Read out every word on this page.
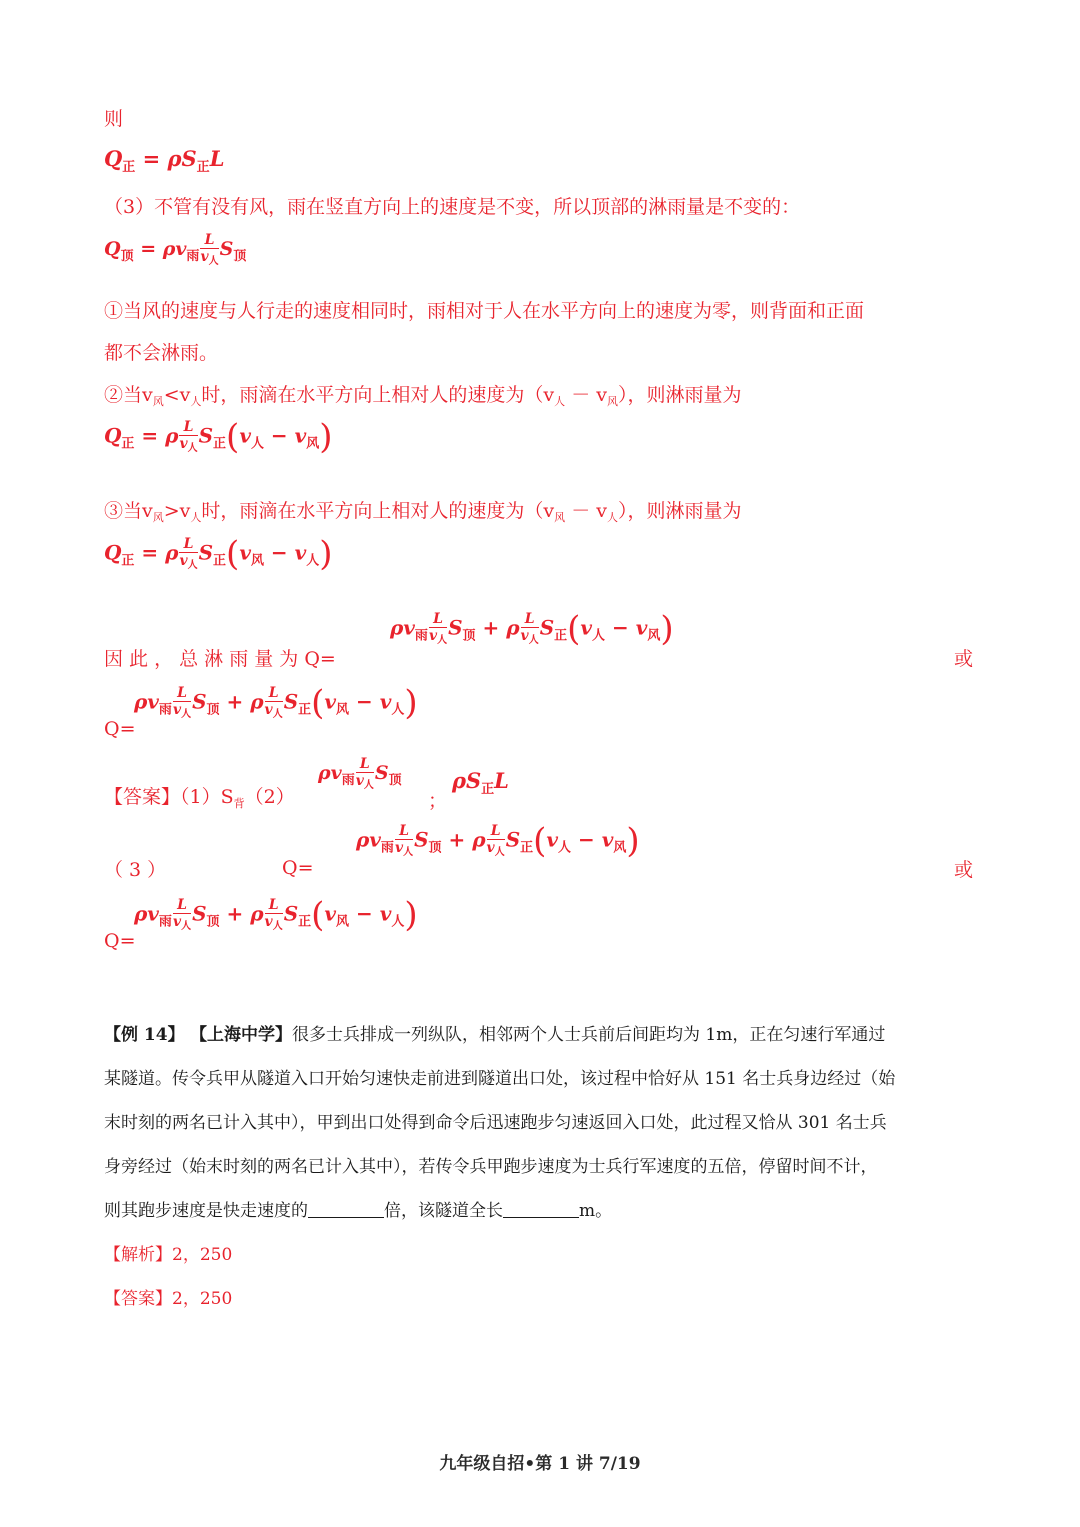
则
$Q_正 = \rho S_正L$
（3）不管有没有风，雨在竖直方向上的速度是不变，所以顶部的淋雨量是不变的：
$Q_顶 = \rho v_雨 \frac{L}{v_人} S_顶$
①当风的速度与人行走的速度相同时，雨相对于人在水平方向上的速度为零，则背面和正面
都不会淋雨。
②当$v_风<v_人$时，雨滴在水平方向上相对人的速度为$(v_人 - v_风)$，则淋雨量为
$Q_正 = \rho \frac{L}{v_人} S_正(v_人 - v_风)$
③当$v_风>v_人$时，雨滴在水平方向上相对人的速度为$(v_风 - v_人)$，则淋雨量为
$Q_正 = \rho \frac{L}{v_人} S_正(v_风 - v_人)$
因 此 ， 总 淋 雨 量 为 Q=
$\rho v_雨 \frac{L}{v_人} S_顶 + \rho \frac{L}{v_人} S_正(v_人 - v_风)$
或
Q=
$\rho v_雨 \frac{L}{v_人} S_顶 + \rho \frac{L}{v_人} S_正(v_风 - v_人)$
【答案】$(1)S_背(2)$
$\rho v_雨 \frac{L}{v_人} S_顶$
；
$\rho S_正L$
（ 3 ）	Q=
$\rho v_雨 \frac{L}{v_人} S_顶 + \rho \frac{L}{v_人} S_正(v_人 - v_风)$
或
Q=
$\rho v_雨 \frac{L}{v_人} S_顶 + \rho \frac{L}{v_人} S_正(v_风 - v_人)$
【例 14】 【上海中学】很多士兵排成一列纵队，相邻两个人士兵前后间距均为 1m，正在匀速行军通过
某隧道。传令兵甲从隧道入口开始匀速快走前进到隧道出口处，该过程中恰好从 151 名士兵身边经过（始
末时刻的两名已计入其中），甲到出口处得到命令后迅速跑步匀速返回入口处，此过程又恰从 301 名士兵
身旁经过（始末时刻的两名已计入其中），若传令兵甲跑步速度为士兵行军速度的五倍，停留时间不计，
则其跑步速度是快走速度的	倍，该隧道全长	m。
【解析】2，250
【答案】2，250
九年级自招•第 1 讲 7/19
